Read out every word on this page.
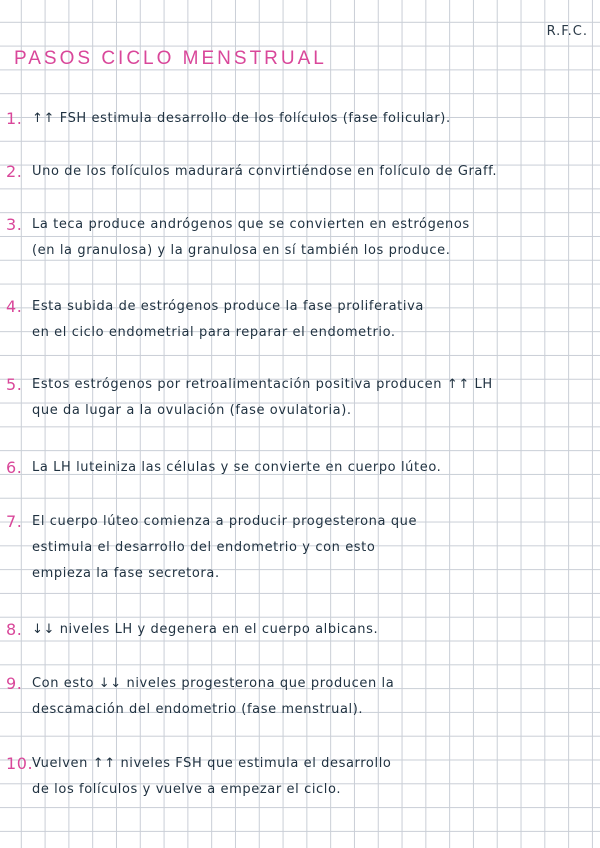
R.F.C.
PASOS CICLO MENSTRUAL
1. ↑↑ FSH estimula desarrollo de los folículos (fase folicular).
2. Uno de los folículos madurará convirtiéndose en folículo de Graff.
3. La teca produce andrógenos que se convierten en estrógenos
(en la granulosa) y la granulosa en sí también los produce.
4. Esta subida de estrógenos produce la fase proliferativa
en el ciclo endometrial para reparar el endometrio.
5. Estos estrógenos por retroalimentación positiva producen ↑↑ LH
que da lugar a la ovulación (fase ovulatoria).
6. La LH luteiniza las células y se convierte en cuerpo lúteo.
7. El cuerpo lúteo comienza a producir progesterona que
estimula el desarrollo del endometrio y con esto
empieza la fase secretora.
8. ↓↓ niveles LH y degenera en el cuerpo albicans.
9. Con esto ↓↓ niveles progesterona que producen la
descamación del endometrio (fase menstrual).
10.
Vuelven ↑↑ niveles FSH que estimula el desarrollo
de los folículos y vuelve a empezar el ciclo.
